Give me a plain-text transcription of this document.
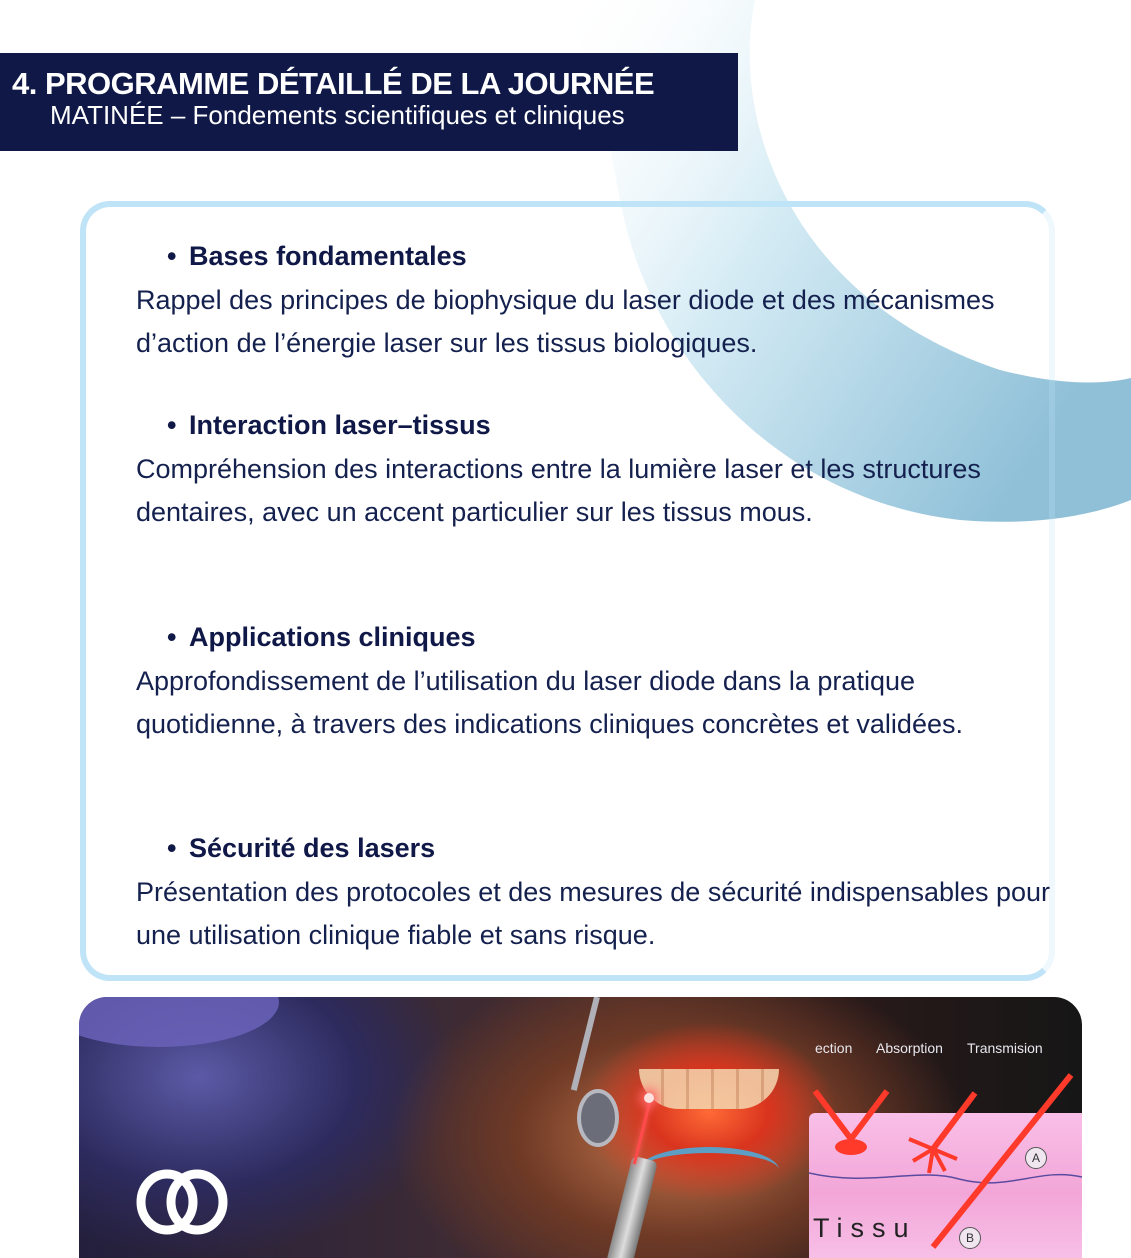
4. PROGRAMME DÉTAILLÉ DE LA JOURNÉE
MATINÉE – Fondements scientifiques et cliniques
• Bases fondamentales

Rappel des principes de biophysique du laser diode et des mécanismes d’action de l’énergie laser sur les tissus biologiques.

• Interaction laser–tissus

Compréhension des interactions entre la lumière laser et les structures dentaires, avec un accent particulier sur les tissus mous.

• Applications cliniques

Approfondissement de l’utilisation du laser diode dans la pratique quotidienne, à travers des indications cliniques concrètes et validées.

• Sécurité des lasers

Présentation des protocoles et des mesures de sécurité indispensables pour une utilisation clinique fiable et sans risque.

ection Absorption Transmision
Tissu
A
B
